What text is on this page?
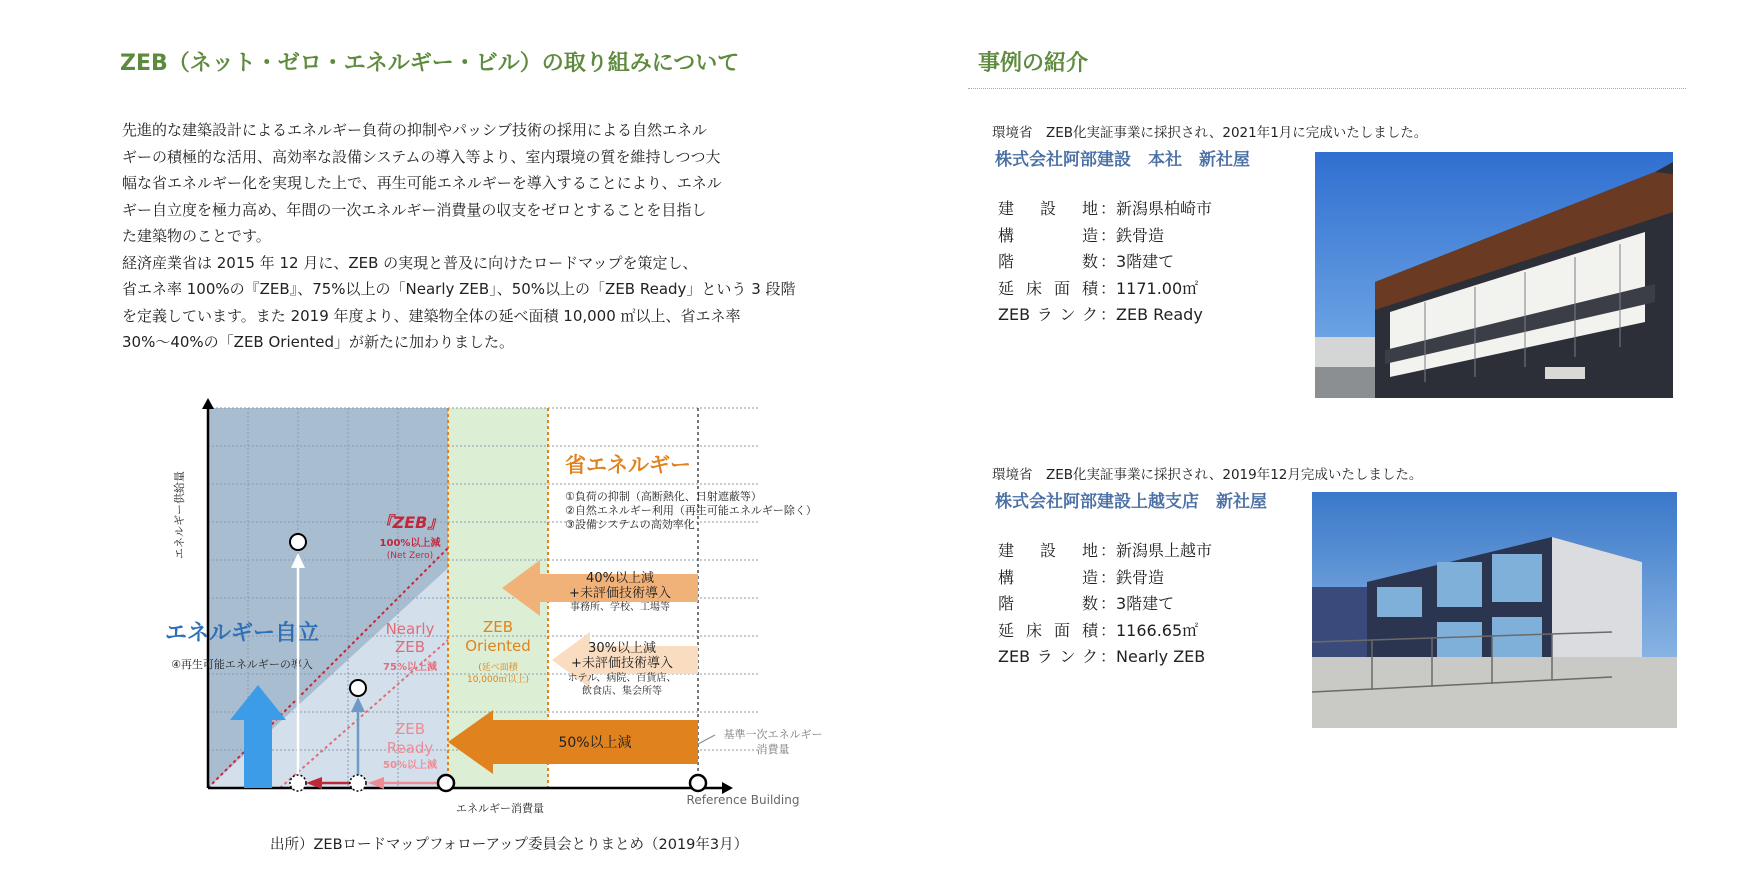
ZEB（ネット・ゼロ・エネルギー・ビル）の取り組みについて
先進的な建築設計によるエネルギー負荷の抑制やパッシブ技術の採用による自然エネル
ギーの積極的な活用、高効率な設備システムの導入等より、室内環境の質を維持しつつ大
幅な省エネルギー化を実現した上で、再生可能エネルギーを導入することにより、エネル
ギー自立度を極力高め、年間の一次エネルギー消費量の収支をゼロとすることを目指し
た建築物のことです。
経済産業省は 2015 年 12 月に、ZEB の実現と普及に向けたロードマップを策定し、
省エネ率 100%の『ZEB』、75%以上の「Nearly ZEB」、50%以上の「ZEB Ready」という 3 段階
を定義しています。また 2019 年度より、建築物全体の延べ面積 10,000 ㎡以上、省エネ率
30%～40%の「ZEB Oriented」が新たに加わりました。
エネルギー供給量
エネルギー消費量
Reference Building
基準一次エネルギー
消費量
省エネルギー
①負荷の抑制（高断熱化、日射遮蔽等）
②自然エネルギー利用（再生可能エネルギー除く）
③設備システムの高効率化
40%以上減
+未評価技術導入
事務所、学校、工場等
30%以上減
+未評価技術導入
ホテル、病院、百貨店、
飲食店、集会所等
50%以上減
『ZEB』
100%以上減
(Net Zero)
Nearly
ZEB
75%以上減
ZEB
Ready
50%以上減
ZEB
Oriented
(延べ面積
10,000㎡以上)
エネルギー自立
④再生可能エネルギーの導入
出所）ZEBロードマップフォローアップ委員会とりまとめ（2019年3月）
事例の紹介
環境省　ZEB化実証事業に採択され、2021年1月に完成いたしました。
株式会社阿部建設　本社　新社屋
建設地 ：新潟県柏崎市
構造 ：鉄骨造
階数 ：3階建て
延床面積 ：1171.00㎡
ZEBランク ：ZEB Ready
環境省　ZEB化実証事業に採択され、2019年12月完成いたしました。
株式会社阿部建設上越支店　新社屋
建設地 ：新潟県上越市
構造 ：鉄骨造
階数 ：3階建て
延床面積 ：1166.65㎡
ZEBランク ：Nearly ZEB
